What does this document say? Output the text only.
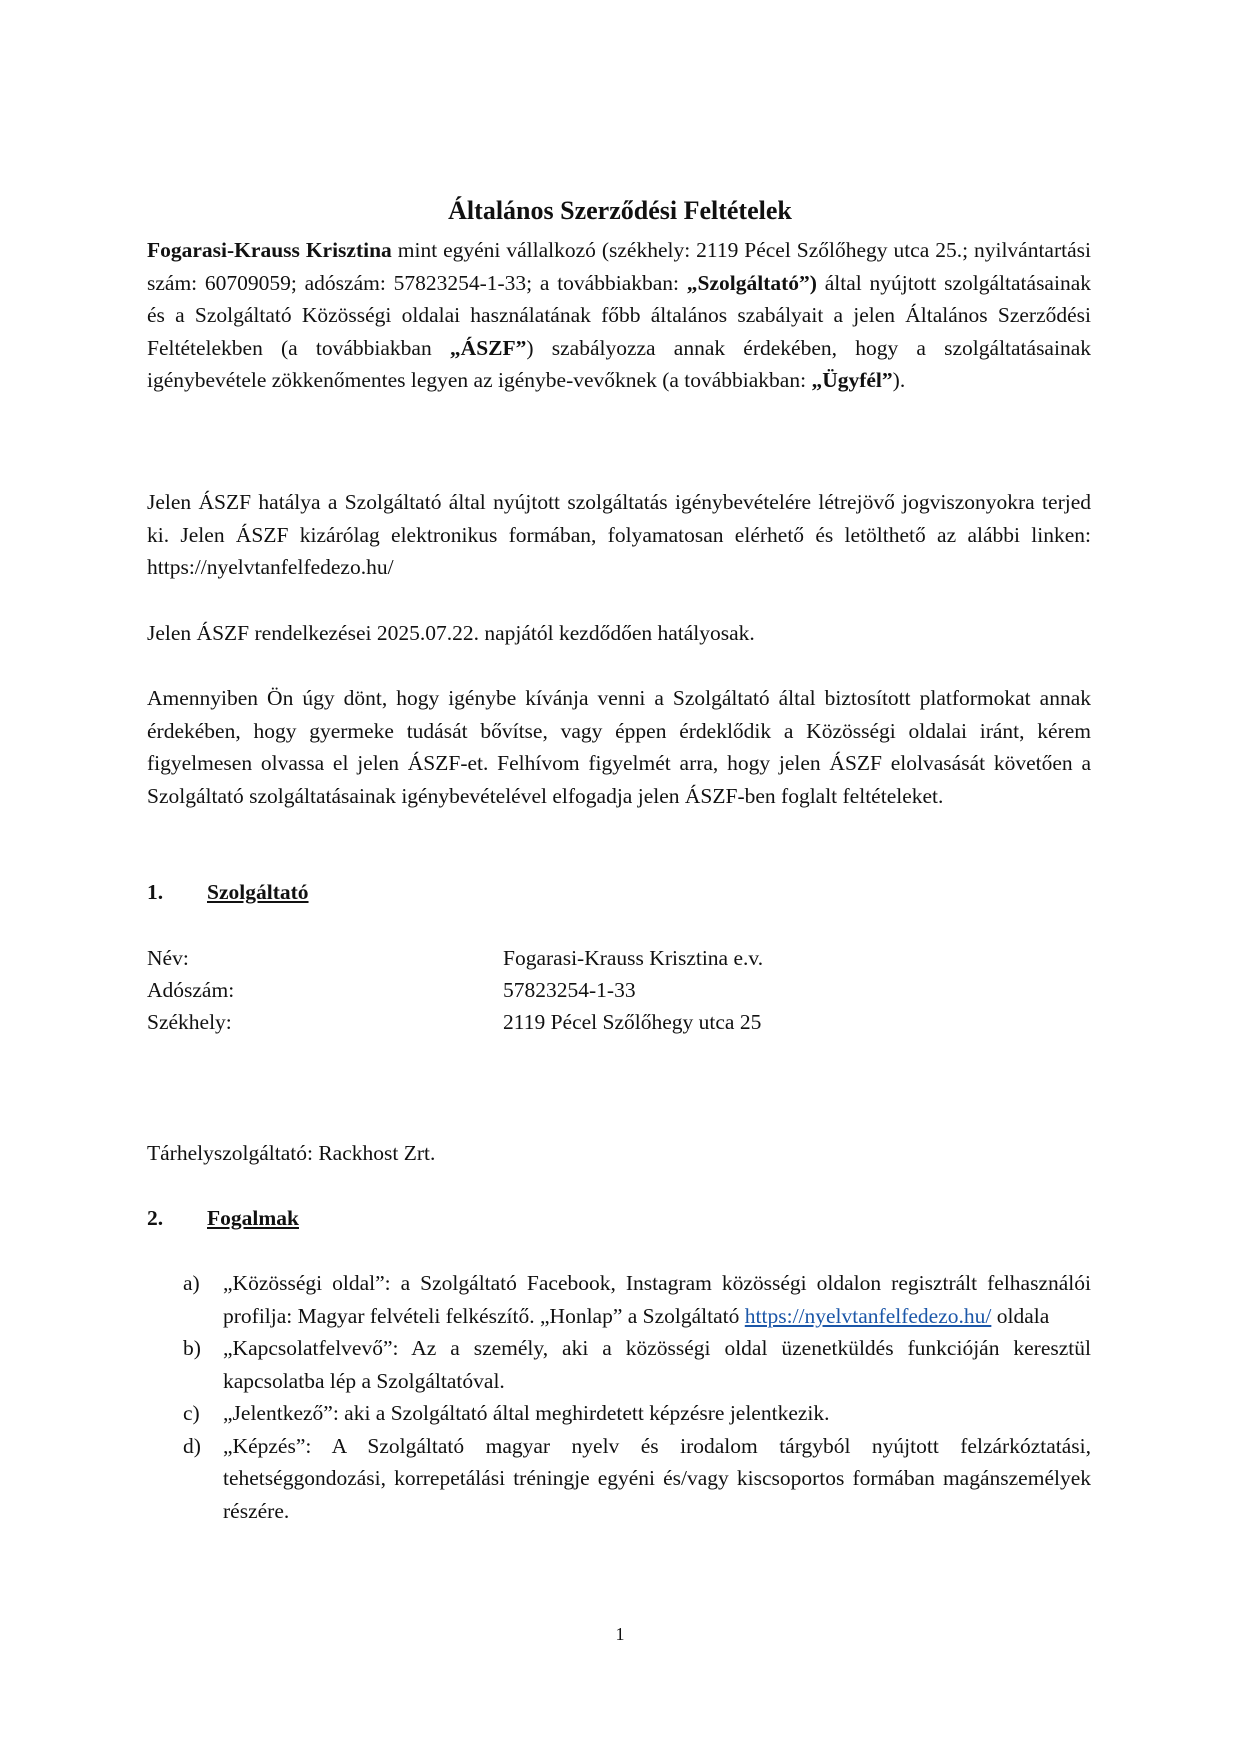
Általános Szerződési Feltételek

Fogarasi-Krauss Krisztina mint egyéni vállalkozó (székhely: 2119 Pécel Szőlőhegy utca 25.; nyilvántartási szám: 60709059; adószám: 57823254-1-33; a továbbiakban: „Szolgáltató”) által nyújtott szolgáltatásainak és a Szolgáltató Közösségi oldalai használatának főbb általános szabályait a jelen Általános Szerződési Feltételekben (a továbbiakban „ÁSZF”) szabályozza annak érdekében, hogy a szolgáltatásainak igénybevétele zökkenőmentes legyen az igénybe-vevőknek (a továbbiakban: „Ügyfél”).

Jelen ÁSZF hatálya a Szolgáltató által nyújtott szolgáltatás igénybevételére létrejövő jogviszonyokra terjed ki. Jelen ÁSZF kizárólag elektronikus formában, folyamatosan elérhető és letölthető az alábbi linken: https://nyelvtanfelfedezo.hu/

Jelen ÁSZF rendelkezései 2025.07.22. napjától kezdődően hatályosak.

Amennyiben Ön úgy dönt, hogy igénybe kívánja venni a Szolgáltató által biztosított platformokat annak érdekében, hogy gyermeke tudását bővítse, vagy éppen érdeklődik a Közösségi oldalai iránt, kérem figyelmesen olvassa el jelen ÁSZF-et. Felhívom figyelmét arra, hogy jelen ÁSZF elolvasását követően a Szolgáltató szolgáltatásainak igénybevételével elfogadja jelen ÁSZF-ben foglalt feltételeket.

1. Szolgáltató
Név:	Fogarasi-Krauss Krisztina e.v.
Adószám:	57823254-1-33
Székhely:	2119 Pécel Szőlőhegy utca 25

Tárhelyszolgáltató: Rackhost Zrt.

2. Fogalmak
a)	„Közösségi oldal”: a Szolgáltató Facebook, Instagram közösségi oldalon regisztrált felhasználói profilja: Magyar felvételi felkészítő. „Honlap” a Szolgáltató https://nyelvtanfelfedezo.hu/ oldala
b)	„Kapcsolatfelvevő”: Az a személy, aki a közösségi oldal üzenetküldés funkcióján keresztül kapcsolatba lép a Szolgáltatóval.
c)	„Jelentkező”: aki a Szolgáltató által meghirdetett képzésre jelentkezik.
d)	„Képzés”: A Szolgáltató magyar nyelv és irodalom tárgyból nyújtott felzárkóztatási, tehetséggondozási, korrepetálási tréningje egyéni és/vagy kiscsoportos formában magánszemélyek részére.
1
